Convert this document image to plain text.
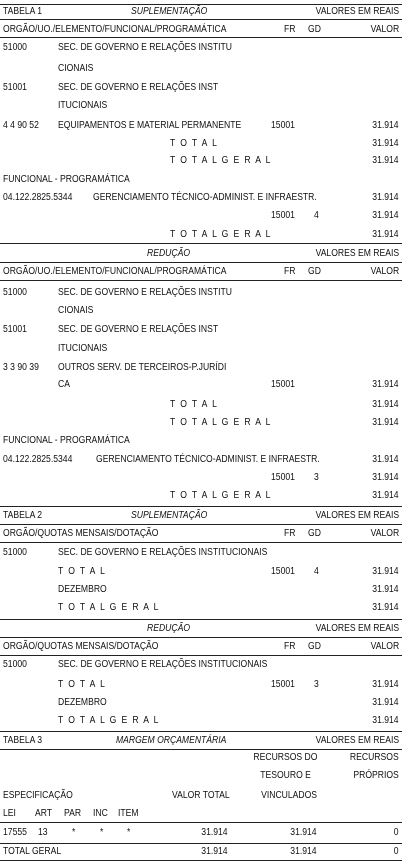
TABELA 1	SUPLEMENTAÇÃO	VALORES EM REAIS
ORGÃO/UO./ELEMENTO/FUNCIONAL/PROGRAMÁTICA	FR GD	VALOR
51000	SEC. DE GOVERNO E RELAÇÕES INSTITU
CIONAIS
51001	SEC. DE GOVERNO E RELAÇÕES INST
ITUCIONAIS
4 4 90 52 EQUIPAMENTOS E MATERIAL PERMANENTE	15001	31.914
T O T A L	31.914
T O T A L G E R A L	31.914
FUNCIONAL - PROGRAMÁTICA
04.122.2825.5344 GERENCIAMENTO TÉCNICO-ADMINIST. E INFRAESTR.	31.914
15001 4	31.914
T O T A L G E R A L	31.914
REDUÇÃO	VALORES EM REAIS
ORGÃO/UO./ELEMENTO/FUNCIONAL/PROGRAMÁTICA	FR GD	VALOR
51000	SEC. DE GOVERNO E RELAÇÕES INSTITU
CIONAIS
51001	SEC. DE GOVERNO E RELAÇÕES INST
ITUCIONAIS
3 3 90 39 OUTROS SERV. DE TERCEIROS-P.JURÍDI
CA	15001	31.914
T O T A L	31.914
T O T A L G E R A L	31.914
FUNCIONAL - PROGRAMÁTICA
04.122.2825.5344 GERENCIAMENTO TÉCNICO-ADMINIST. E INFRAESTR.	31.914
15001 3	31.914
T O T A L G E R A L	31.914
TABELA 2	SUPLEMENTAÇÃO	VALORES EM REAIS
ORGÃO/QUOTAS MENSAIS/DOTAÇÃO	FR GD	VALOR
51000	SEC. DE GOVERNO E RELAÇÕES INSTITUCIONAIS
T O T A L	15001 4	31.914
DEZEMBRO	31.914
T O T A L G E R A L	31.914
REDUÇÃO	VALORES EM REAIS
ORGÃO/QUOTAS MENSAIS/DOTAÇÃO	FR GD	VALOR
51000	SEC. DE GOVERNO E RELAÇÕES INSTITUCIONAIS
T O T A L	15001 3	31.914
DEZEMBRO	31.914
T O T A L G E R A L	31.914
TABELA 3	MARGEM ORÇAMENTÁRIA	VALORES EM REAIS
RECURSOS DO	RECURSOS
TESOURO E	PRÓPRIOS
ESPECIFICAÇÃO	VALOR TOTAL	VINCULADOS
LEI ART PAR INC ITEM
17555 13 * * *	31.914	31.914	0
TOTAL GERAL	31.914	31.914	0
